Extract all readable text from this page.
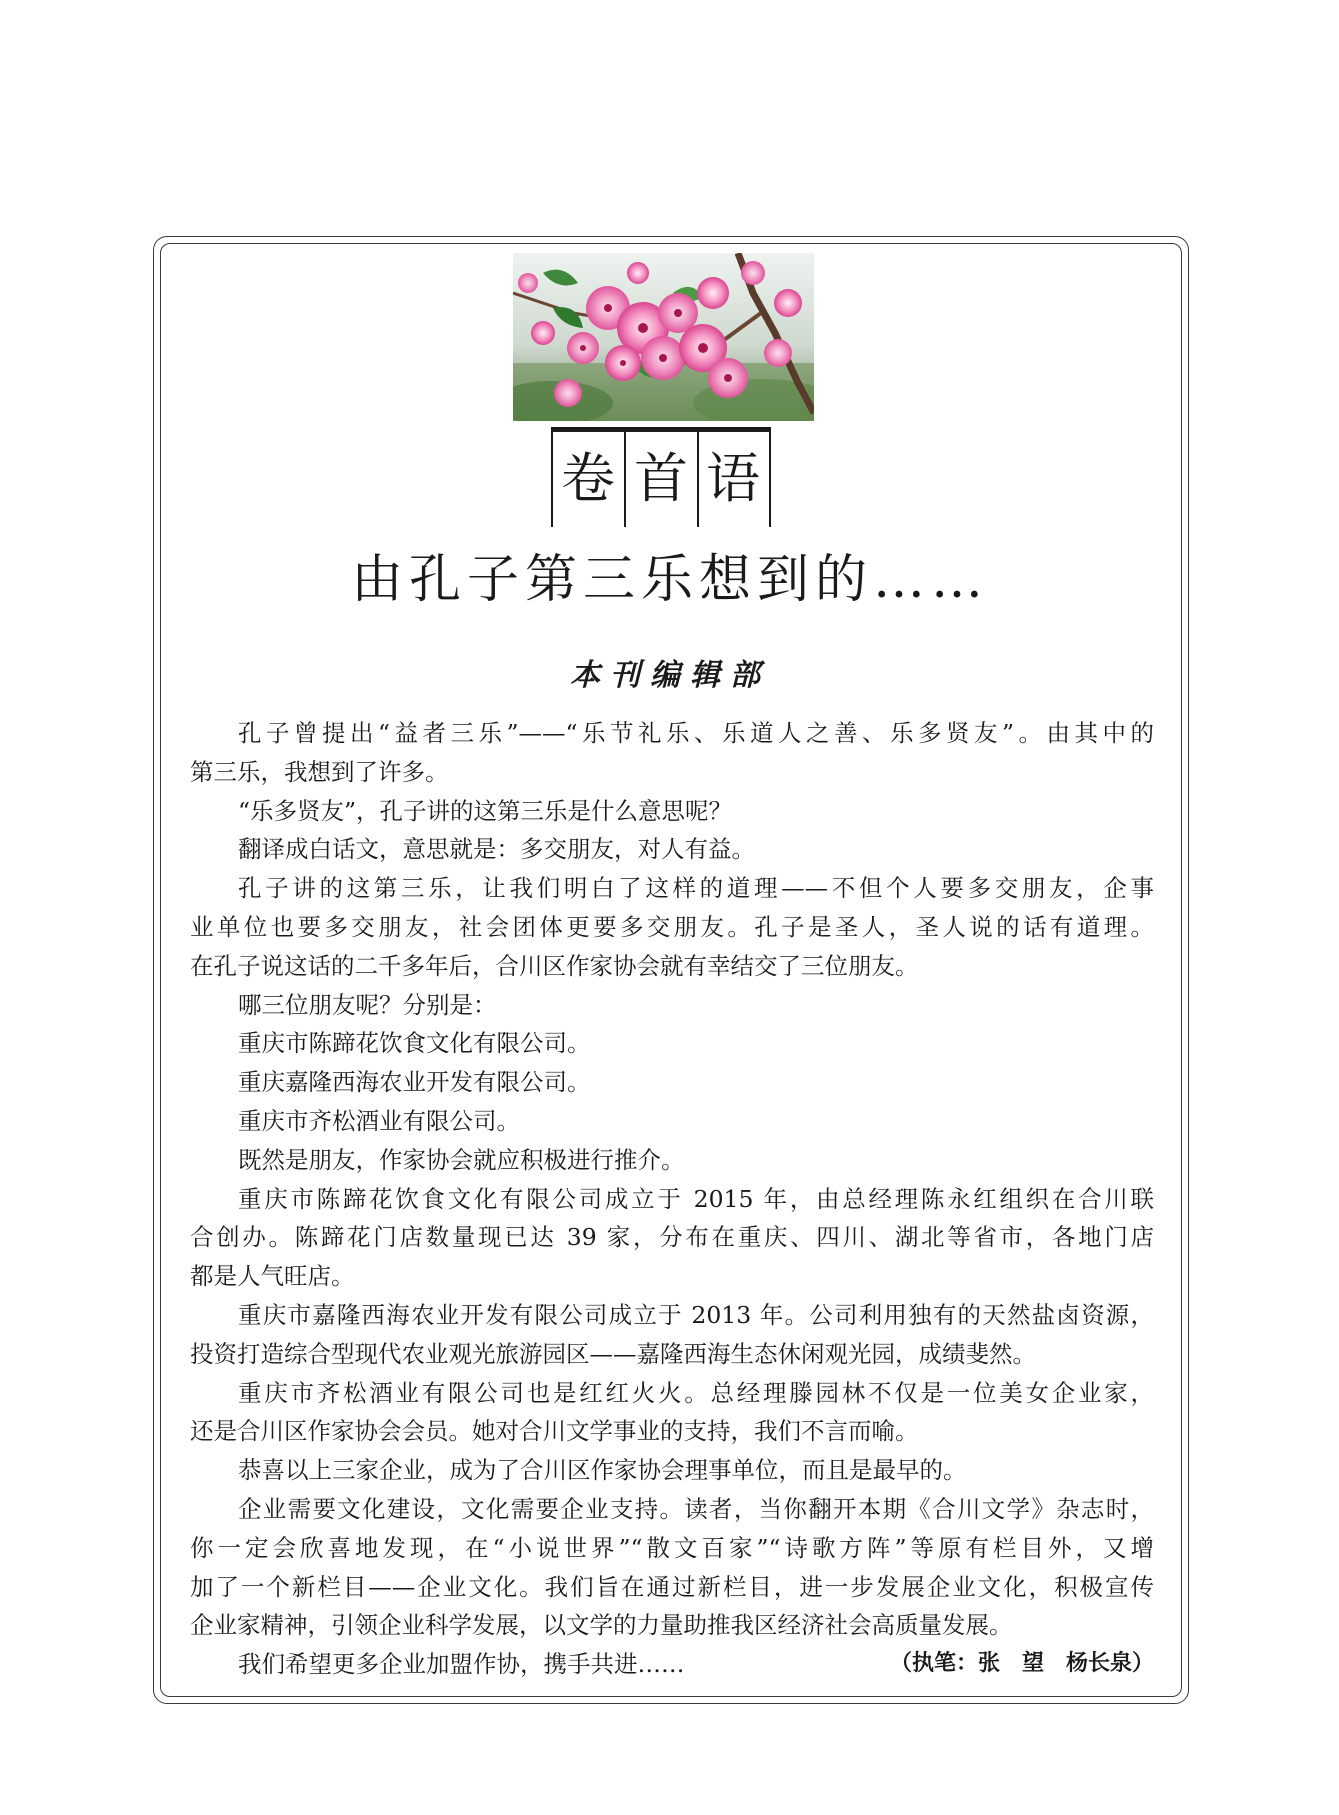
卷 首 语
由孔子第三乐想到的……
本刊编辑部
孔子曾提出“益者三乐”——“乐节礼乐、乐道人之善、乐多贤友”。由其中的
第三乐，我想到了许多。
“乐多贤友”，孔子讲的这第三乐是什么意思呢？
翻译成白话文，意思就是：多交朋友，对人有益。
孔子讲的这第三乐，让我们明白了这样的道理——不但个人要多交朋友，企事
业单位也要多交朋友，社会团体更要多交朋友。孔子是圣人，圣人说的话有道理。
在孔子说这话的二千多年后，合川区作家协会就有幸结交了三位朋友。
哪三位朋友呢？分别是：
重庆市陈蹄花饮食文化有限公司。
重庆嘉隆西海农业开发有限公司。
重庆市齐松酒业有限公司。
既然是朋友，作家协会就应积极进行推介。
重庆市陈蹄花饮食文化有限公司成立于 2015 年，由总经理陈永红组织在合川联
合创办。陈蹄花门店数量现已达 39 家，分布在重庆、四川、湖北等省市，各地门店
都是人气旺店。
重庆市嘉隆西海农业开发有限公司成立于 2013 年。公司利用独有的天然盐卤资源，
投资打造综合型现代农业观光旅游园区——嘉隆西海生态休闲观光园，成绩斐然。
重庆市齐松酒业有限公司也是红红火火。总经理滕园林不仅是一位美女企业家，
还是合川区作家协会会员。她对合川文学事业的支持，我们不言而喻。
恭喜以上三家企业，成为了合川区作家协会理事单位，而且是最早的。
企业需要文化建设，文化需要企业支持。读者，当你翻开本期《合川文学》杂志时，
你一定会欣喜地发现，在“小说世界”“散文百家”“诗歌方阵”等原有栏目外，又增
加了一个新栏目——企业文化。我们旨在通过新栏目，进一步发展企业文化，积极宣传
企业家精神，引领企业科学发展，以文学的力量助推我区经济社会高质量发展。
我们希望更多企业加盟作协，携手共进……	（执笔：张　望　杨长泉）
